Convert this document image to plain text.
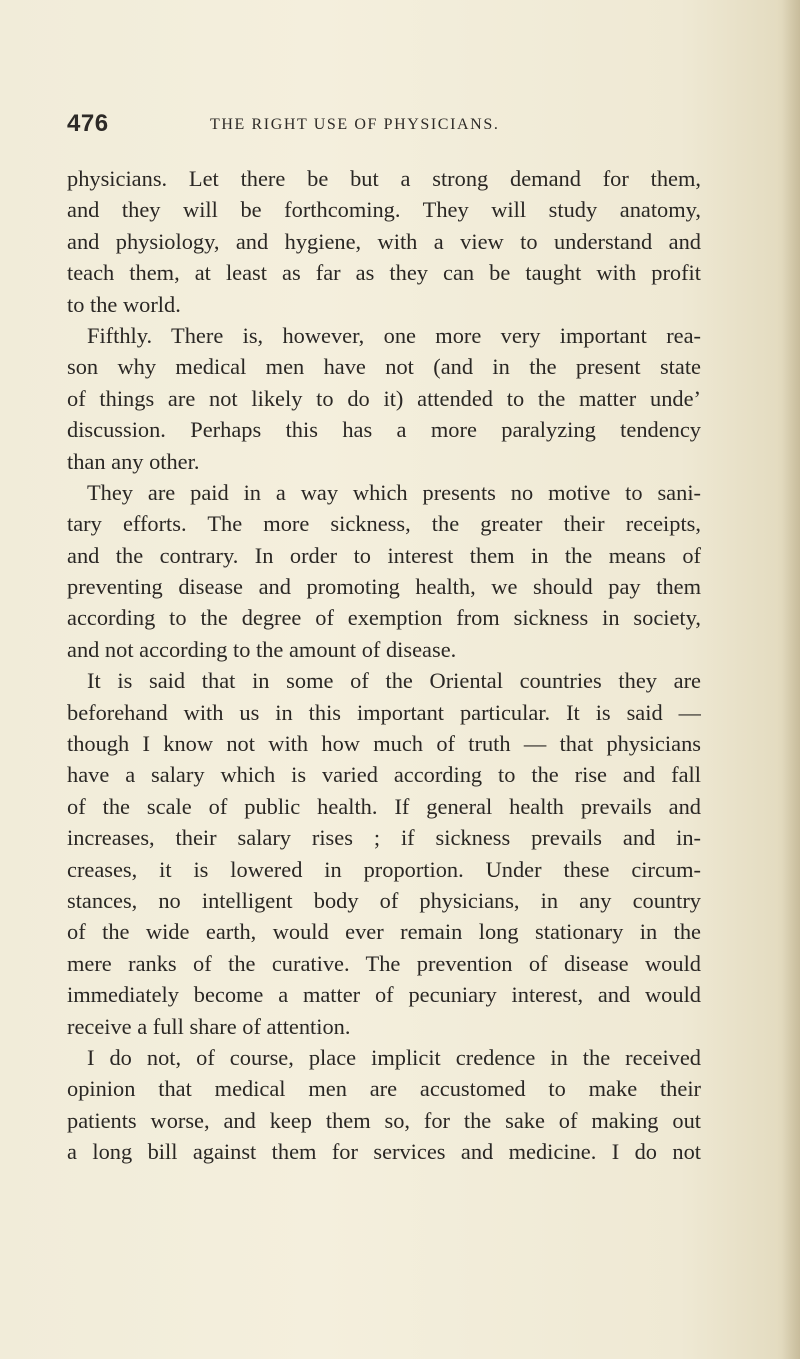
476	THE RIGHT USE OF PHYSICIANS.
physicians. Let there be but a strong demand for them,
and they will be forthcoming. They will study anatomy,
and physiology, and hygiene, with a view to understand and
teach them, at least as far as they can be taught with profit
to the world.
Fifthly. There is, however, one more very important rea-
son why medical men have not (and in the present state
of things are not likely to do it) attended to the matter unde’
discussion. Perhaps this has a more paralyzing tendency
than any other.
They are paid in a way which presents no motive to sani-
tary efforts. The more sickness, the greater their receipts,
and the contrary. In order to interest them in the means of
preventing disease and promoting health, we should pay them
according to the degree of exemption from sickness in society,
and not according to the amount of disease.
It is said that in some of the Oriental countries they are
beforehand with us in this important particular. It is said —
though I know not with how much of truth — that physicians
have a salary which is varied according to the rise and fall
of the scale of public health. If general health prevails and
increases, their salary rises ; if sickness prevails and in-
creases, it is lowered in proportion. Under these circum-
stances, no intelligent body of physicians, in any country
of the wide earth, would ever remain long stationary in the
mere ranks of the curative. The prevention of disease would
immediately become a matter of pecuniary interest, and would
receive a full share of attention.
I do not, of course, place implicit credence in the received
opinion that medical men are accustomed to make their
patients worse, and keep them so, for the sake of making out
a long bill against them for services and medicine. I do not
